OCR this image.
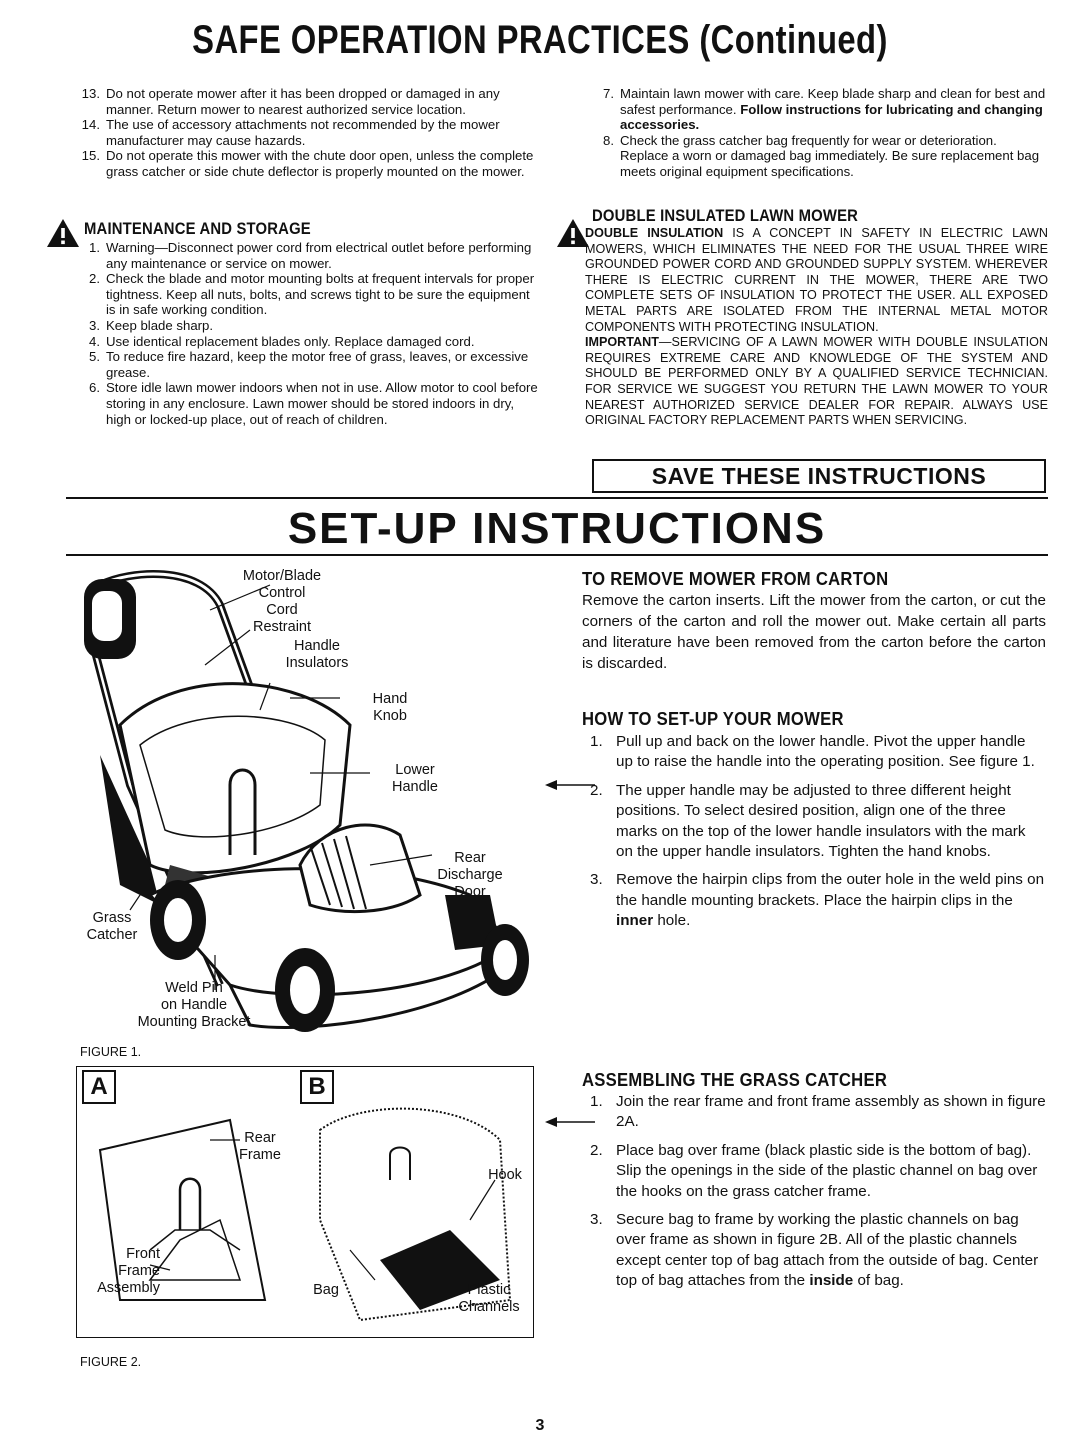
SAFE OPERATION PRACTICES (Continued)
13. Do not operate mower after it has been dropped or damaged in any manner. Return mower to nearest authorized service location.
14. The use of accessory attachments not recommended by the mower manufacturer may cause hazards.
15. Do not operate this mower with the chute door open, unless the complete grass catcher or side chute deflector is properly mounted on the mower.
7. Maintain lawn mower with care. Keep blade sharp and clean for best and safest performance. Follow instructions for lubricating and changing accessories.
8. Check the grass catcher bag frequently for wear or deterioration. Replace a worn or damaged bag immediately. Be sure replacement bag meets original equipment specifications.
MAINTENANCE AND STORAGE
1. Warning—Disconnect power cord from electrical outlet before performing any maintenance or service on mower.
2. Check the blade and motor mounting bolts at frequent intervals for proper tightness. Keep all nuts, bolts, and screws tight to be sure the equipment is in safe working condition.
3. Keep blade sharp.
4. Use identical replacement blades only. Replace damaged cord.
5. To reduce fire hazard, keep the motor free of grass, leaves, or excessive grease.
6. Store idle lawn mower indoors when not in use. Allow motor to cool before storing in any enclosure. Lawn mower should be stored indoors in dry, high or locked-up place, out of reach of children.
DOUBLE INSULATED LAWN MOWER
DOUBLE INSULATION IS A CONCEPT IN SAFETY IN ELECTRIC LAWN MOWERS, WHICH ELIMINATES THE NEED FOR THE USUAL THREE WIRE GROUNDED POWER CORD AND GROUNDED SUPPLY SYSTEM. WHEREVER THERE IS ELECTRIC CURRENT IN THE MOWER, THERE ARE TWO COMPLETE SETS OF INSULATION TO PROTECT THE USER. ALL EXPOSED METAL PARTS ARE ISOLATED FROM THE INTERNAL METAL MOTOR COMPONENTS WITH PROTECTING INSULATION.
IMPORTANT—SERVICING OF A LAWN MOWER WITH DOUBLE INSULATION REQUIRES EXTREME CARE AND KNOWLEDGE OF THE SYSTEM AND SHOULD BE PERFORMED ONLY BY A QUALIFIED SERVICE TECHNICIAN. FOR SERVICE WE SUGGEST YOU RETURN THE LAWN MOWER TO YOUR NEAREST AUTHORIZED SERVICE DEALER FOR REPAIR. ALWAYS USE ORIGINAL FACTORY REPLACEMENT PARTS WHEN SERVICING.
SAVE THESE INSTRUCTIONS
SET-UP INSTRUCTIONS
Motor/Blade
Control
Cord
Restraint
Handle
Insulators
Hand
Knob
Lower
Handle
Rear
Discharge
Door
Grass
Catcher
Weld Pin
on Handle
Mounting Bracket
FIGURE 1.
A	B
Rear
Frame
Front
Frame
Assembly
Hook
Bag	Plastic
Channels
FIGURE 2.
TO REMOVE MOWER FROM CARTON
Remove the carton inserts. Lift the mower from the carton, or cut the corners of the carton and roll the mower out. Make certain all parts and literature have been removed from the carton before the carton is discarded.
HOW TO SET-UP YOUR MOWER
1. Pull up and back on the lower handle. Pivot the upper handle up to raise the handle into the operating position. See figure 1.
2. The upper handle may be adjusted to three different height positions. To select desired position, align one of the three marks on the top of the lower handle insulators with the mark on the upper handle insulators. Tighten the hand knobs.
3. Remove the hairpin clips from the outer hole in the weld pins on the handle mounting brackets. Place the hairpin clips in the inner hole.
ASSEMBLING THE GRASS CATCHER
1. Join the rear frame and front frame assembly as shown in figure 2A.
2. Place bag over frame (black plastic side is the bottom of bag). Slip the openings in the side of the plastic channel on bag over the hooks on the grass catcher frame.
3. Secure bag to frame by working the plastic channels on bag over frame as shown in figure 2B. All of the plastic channels except center top of bag attach from the outside of bag. Center top of bag attaches from the inside of bag.
3
